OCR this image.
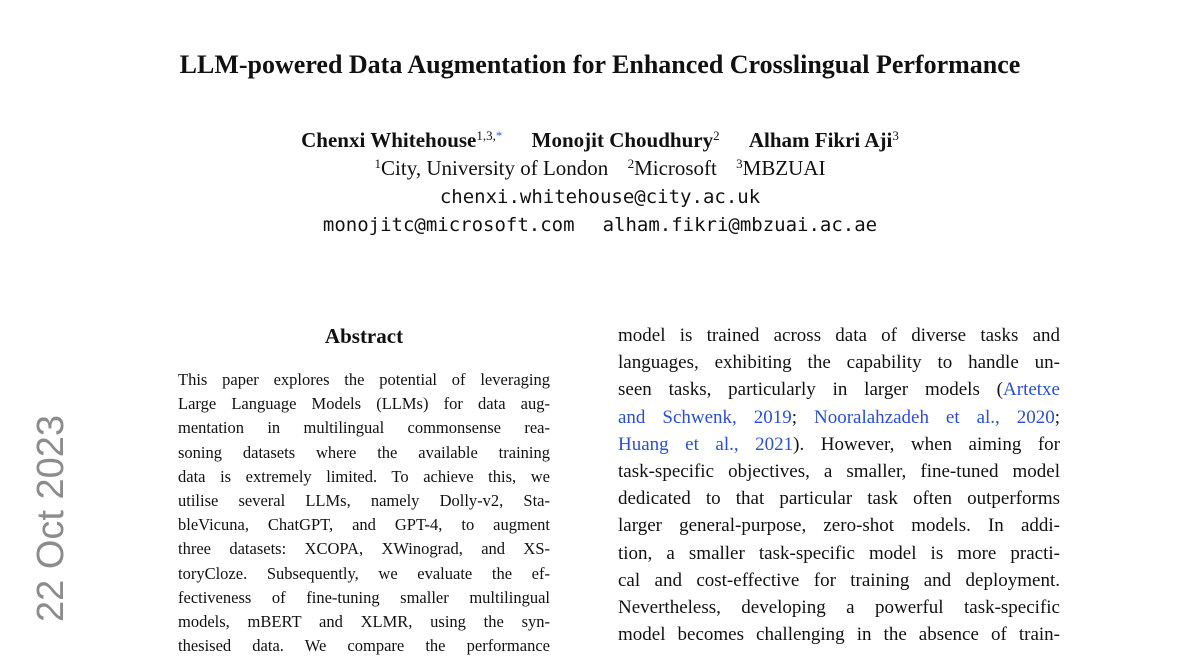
LLM-powered Data Augmentation for Enhanced Crosslingual Performance
Chenxi Whitehouse$^{1,3,*}$ Monojit Choudhury$^2$ Alham Fikri Aji$^3$
$^1$City, University of London $^2$Microsoft $^3$MBZUAI
chenxi.whitehouse@city.ac.uk
monojitc@microsoft.com alham.fikri@mbzuai.ac.ae
Abstract
This paper explores the potential of leveraging
Large Language Models (LLMs) for data aug-
mentation in multilingual commonsense rea-
soning datasets where the available training
data is extremely limited. To achieve this, we
utilise several LLMs, namely Dolly-v2, Sta-
bleVicuna, ChatGPT, and GPT-4, to augment
three datasets: XCOPA, XWinograd, and XS-
toryCloze. Subsequently, we evaluate the ef-
fectiveness of fine-tuning smaller multilingual
models, mBERT and XLMR, using the syn-
thesised data. We compare the performance
model is trained across data of diverse tasks and
languages, exhibiting the capability to handle un-
seen tasks, particularly in larger models (Artetxe
and Schwenk, 2019; Nooralahzadeh et al., 2020;
Huang et al., 2021). However, when aiming for
task-specific objectives, a smaller, fine-tuned model
dedicated to that particular task often outperforms
larger general-purpose, zero-shot models. In addi-
tion, a smaller task-specific model is more practi-
cal and cost-effective for training and deployment.
Nevertheless, developing a powerful task-specific
model becomes challenging in the absence of train-
22 Oct 2023
